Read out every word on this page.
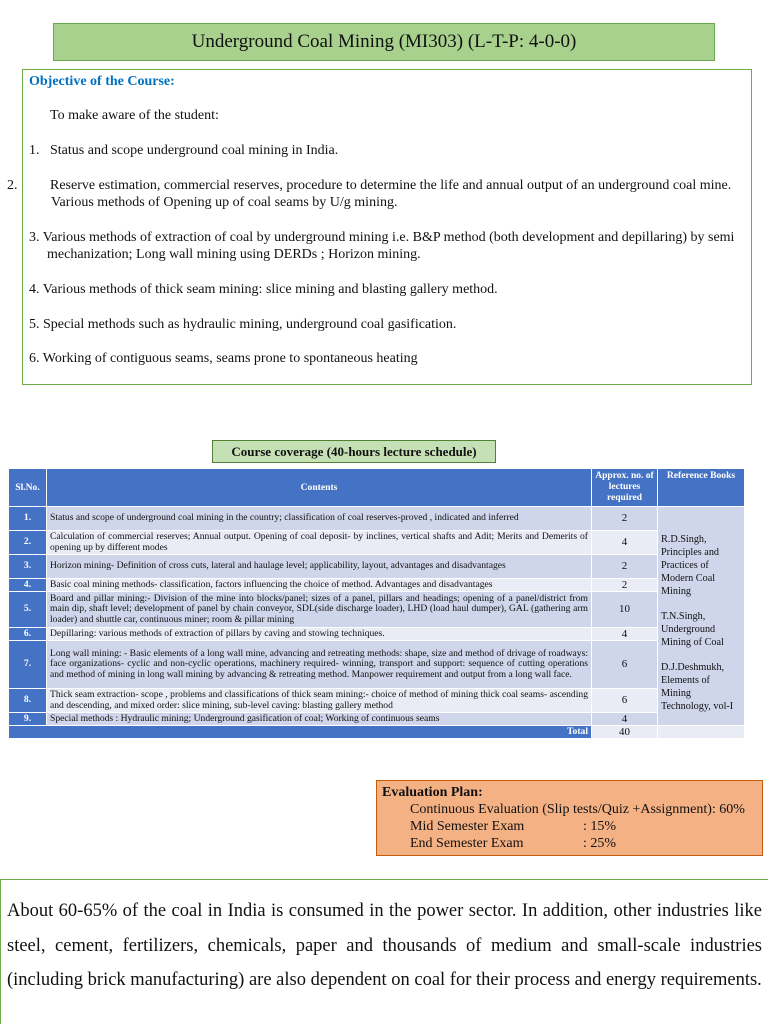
Underground Coal Mining (MI303) (L-T-P: 4-0-0)
Objective of the Course:
To make aware of the student:
1. Status and scope underground coal mining in India.
2. Reserve estimation, commercial reserves, procedure to determine the life and annual output of an underground coal mine. Various methods of Opening up of coal seams by U/g mining.
3. Various methods of extraction of coal by underground mining i.e. B&P method (both development and depillaring) by semi mechanization; Long wall mining using DERDs ; Horizon mining.
4. Various methods of thick seam mining: slice mining and blasting gallery method.
5. Special methods such as hydraulic mining, underground coal gasification.
6. Working of contiguous seams, seams prone to spontaneous heating
Course coverage (40-hours lecture schedule)
Sl.No.	Contents	Approx. no. of lectures required	Reference Books
1.	Status and scope of underground coal mining in the country; classification of coal reserves-proved , indicated and inferred	2	R.D.Singh, Principles and Practices of Modern Coal Mining

T.N.Singh, Underground Mining of Coal

D.J.Deshmukh, Elements of Mining Technology, vol-I

2.	Calculation of commercial reserves; Annual output. Opening of coal deposit- by inclines, vertical shafts and Adit; Merits and Demerits of opening up by different modes	4	
3.	Horizon mining- Definition of cross cuts, lateral and haulage level; applicability, layout, advantages and disadvantages	2	
4.	Basic coal mining methods- classification, factors influencing the choice of method. Advantages and disadvantages	2	
5.	Board and pillar mining:- Division of the mine into blocks/panel; sizes of a panel, pillars and headings; opening of a panel/district from main dip, shaft level; development of panel by chain conveyor, SDL(side discharge loader), LHD (load haul dumper), GAL (gathering arm loader) and shuttle car, continuous miner; room & pillar mining	10	
6.	Depillaring: various methods of extraction of pillars by caving and stowing techniques.	4	
7.	Long wall mining: - Basic elements of a long wall mine, advancing and retreating methods: shape, size and method of drivage of roadways: face organizations- cyclic and non-cyclic operations, machinery required- winning, transport and support: sequence of cutting operations and method of mining in long wall mining by advancing & retreating method. Manpower requirement and output from a long wall face.	6	
8.	Thick seam extraction- scope , problems and classifications of thick seam mining:- choice of method of mining thick coal seams- ascending and descending, and mixed order: slice mining, sub-level caving: blasting gallery method	6	
9.	Special methods : Hydraulic mining; Underground gasification of coal; Working of continuous seams	4	
Total		40	
Evaluation Plan:
Continuous Evaluation (Slip tests/Quiz +Assignment): 60%
Mid Semester Exam	: 15%
End Semester Exam	: 25%
About 60-65% of the coal in India is consumed in the power sector. In addition, other industries like steel, cement, fertilizers, chemicals, paper and thousands of medium and small-scale industries (including brick manufacturing) are also dependent on coal for their process and energy requirements.
